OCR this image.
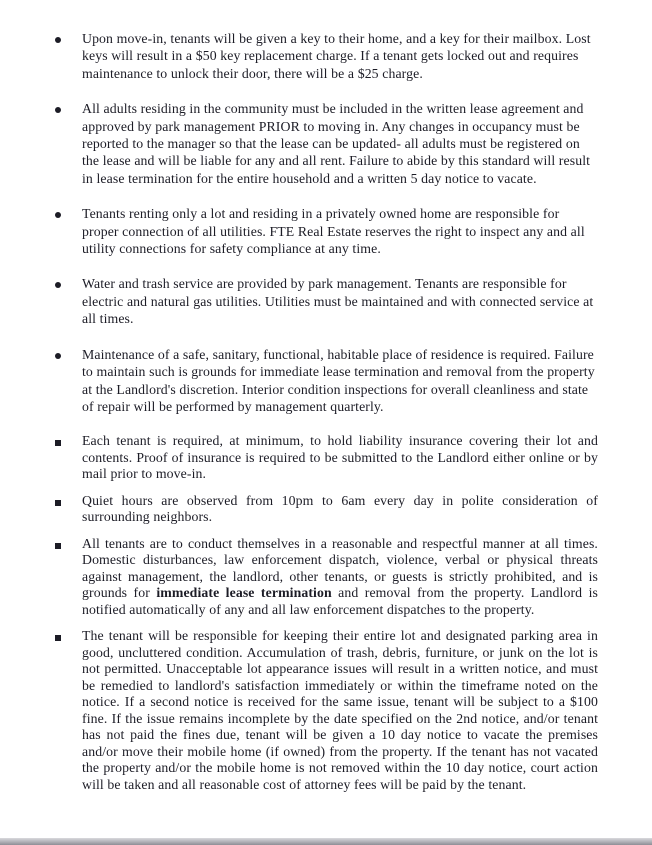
Upon move-in, tenants will be given a key to their home, and a key for their mailbox. Lost keys will result in a $50 key replacement charge. If a tenant gets locked out and requires maintenance to unlock their door, there will be a $25 charge.

All adults residing in the community must be included in the written lease agreement and approved by park management PRIOR to moving in. Any changes in occupancy must be reported to the manager so that the lease can be updated- all adults must be registered on the lease and will be liable for any and all rent. Failure to abide by this standard will result in lease termination for the entire household and a written 5 day notice to vacate.

Tenants renting only a lot and residing in a privately owned home are responsible for proper connection of all utilities. FTE Real Estate reserves the right to inspect any and all utility connections for safety compliance at any time.

Water and trash service are provided by park management. Tenants are responsible for electric and natural gas utilities. Utilities must be maintained and with connected service at all times.

Maintenance of a safe, sanitary, functional, habitable place of residence is required. Failure to maintain such is grounds for immediate lease termination and removal from the property at the Landlord's discretion. Interior condition inspections for overall cleanliness and state of repair will be performed by management quarterly.

Each tenant is required, at minimum, to hold liability insurance covering their lot and contents. Proof of insurance is required to be submitted to the Landlord either online or by mail prior to move-in.

Quiet hours are observed from 10pm to 6am every day in polite consideration of surrounding neighbors.

All tenants are to conduct themselves in a reasonable and respectful manner at all times. Domestic disturbances, law enforcement dispatch, violence, verbal or physical threats against management, the landlord, other tenants, or guests is strictly prohibited, and is grounds for immediate lease termination and removal from the property. Landlord is notified automatically of any and all law enforcement dispatches to the property.

The tenant will be responsible for keeping their entire lot and designated parking area in good, uncluttered condition. Accumulation of trash, debris, furniture, or junk on the lot is not permitted. Unacceptable lot appearance issues will result in a written notice, and must be remedied to landlord's satisfaction immediately or within the timeframe noted on the notice. If a second notice is received for the same issue, tenant will be subject to a $100 fine. If the issue remains incomplete by the date specified on the 2nd notice, and/or tenant has not paid the fines due, tenant will be given a 10 day notice to vacate the premises and/or move their mobile home (if owned) from the property. If the tenant has not vacated the property and/or the mobile home is not removed within the 10 day notice, court action will be taken and all reasonable cost of attorney fees will be paid by the tenant.
